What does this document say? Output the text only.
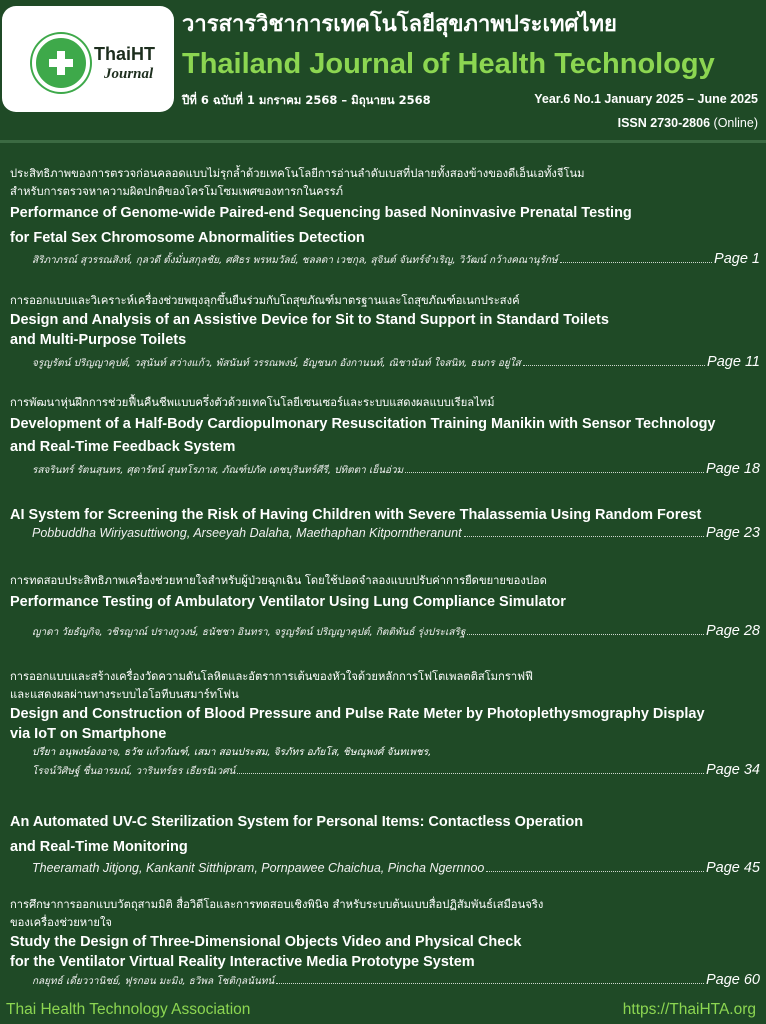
ThaiHT
Journal
วารสารวิชาการเทคโนโลยีสุขภาพประเทศไทย
Thailand Journal of Health Technology
ปีที่ 6 ฉบับที่ 1 มกราคม 2568 – มิถุนายน 2568	Year.6 No.1 January 2025 – June 2025
ISSN 2730-2806 (Online)
ประสิทธิภาพของการตรวจก่อนคลอดแบบไม่รุกล้ำด้วยเทคโนโลยีการอ่านลำดับเบสที่ปลายทั้งสองข้างของดีเอ็นเอทั้งจีโนม
สำหรับการตรวจหาความผิดปกติของโครโมโซมเพศของทารกในครรภ์
Performance of Genome-wide Paired-end Sequencing based Noninvasive Prenatal Testing
for Fetal Sex Chromosome Abnormalities Detection
สิริภาภรณ์ สุวรรณสิงห์, กุลวดี ตั้งมั่นสกุลชัย, ศศิธร พรหมวัลย์, ชลลดา เวชกุล, สุจินต์ จันทร์จำเริญ, วิวัฒน์ กว้างคณานุรักษ์	Page 1
การออกแบบและวิเคราะห์เครื่องช่วยพยุงลุกขึ้นยืนร่วมกับโถสุขภัณฑ์มาตรฐานและโถสุขภัณฑ์อเนกประสงค์
Design and Analysis of an Assistive Device for Sit to Stand Support in Standard Toilets
and Multi-Purpose Toilets
จรูญรัตน์ ปริญญาคุปต์, วสุนันท์ สว่างแก้ว, พัสนันท์ วรรณพงษ์, ธัญชนก อังกานนท์, ณิชานันท์ ใจสนิท, ธนกร อยู่ใส	Page 11
การพัฒนาหุ่นฝึกการช่วยฟื้นคืนชีพแบบครึ่งตัวด้วยเทคโนโลยีเซนเซอร์และระบบแสดงผลแบบเรียลไทม์
Development of a Half-Body Cardiopulmonary Resuscitation Training Manikin with Sensor Technology
and Real-Time Feedback System
รสจรินทร์ รัตนสุนทร, ศุดารัตน์ สุนทโรภาส, ภัณฑ์ปภัค เดชบุรินทร์ศีรี, ปทิตตา เย็นอ่วม	Page 18
AI System for Screening the Risk of Having Children with Severe Thalassemia Using Random Forest
Pobbuddha Wiriyasuttiwong, Arseeyah Dalaha, Maethaphan Kitpornthеranunt	Page 23
การทดสอบประสิทธิภาพเครื่องช่วยหายใจสำหรับผู้ป่วยฉุกเฉิน โดยใช้ปอดจำลองแบบปรับค่าการยืดขยายของปอด
Performance Testing of Ambulatory Ventilator Using Lung Compliance Simulator
ญาดา วัยธัญกิจ, วชิรญาณ์ ปรางกูวงษ์, ธนัชชา อินทรา, จรูญรัตน์ ปริญญาคุปต์, กิตติพันธ์ รุ่งประเสริฐ	Page 28
การออกแบบและสร้างเครื่องวัดความดันโลหิตและอัตราการเต้นของหัวใจด้วยหลักการโฟโตเพลตติสโมกราฟฟี
และแสดงผลผ่านทางระบบไอโอทีบนสมาร์ทโฟน
Design and Construction of Blood Pressure and Pulse Rate Meter by Photoplethysmography Display
via IoT on Smartphone
ปรียา อนุพงษ์องอาจ, ธวัช แก้วกัณฑ์, เสมา สอนประสม, จิรภัทร อภัยโส, ชิษณุพงศ์ จันทเพชร,
โรจน์วิศิษฐ์ ชื่นอารมณ์, วารินทร์ธร เธียรนิเวศน์	Page 34
An Automated UV-C Sterilization System for Personal Items: Contactless Operation
and Real-Time Monitoring
Theeramath Jitjong, Kankanit Sitthipram, Pornpawee Chaichua, Pincha Ngernnoo	Page 45
การศึกษาการออกแบบวัตถุสามมิติ สื่อวิดีโอและการทดสอบเชิงพินิจ สำหรับระบบต้นแบบสื่อปฏิสัมพันธ์เสมือนจริง
ของเครื่องช่วยหายใจ
Study the Design of Three-Dimensional Objects Video and Physical Check
for the Ventilator Virtual Reality Interactive Media Prototype System
กลยุทธ์ เดี่ยววานิชย์, ฟุรกอน มะมิง, ธวิพล โชติกุลนันทน์	Page 60
Thai Health Technology Association	https://ThaiHTA.org
